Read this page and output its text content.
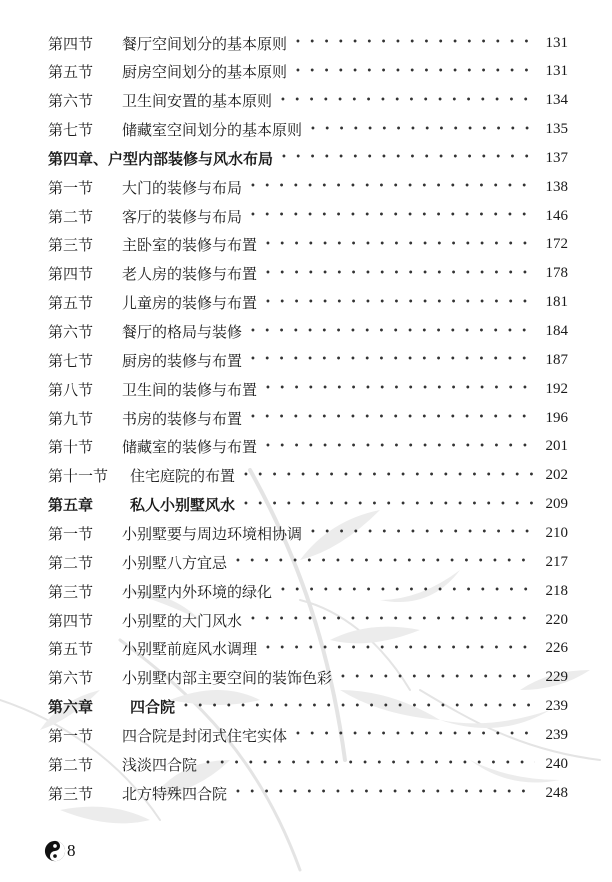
第四节	餐厅空间划分的基本原则 • • •	131
第五节	厨房空间划分的基本原则 • • •	131
第六节	卫生间安置的基本原则 • • •	134
第七节	储藏室空间划分的基本原则 • • •	135
第四章、 户型内部装修与风水布局 • • •	137
第一节	大门的装修与布局 • • •	138
第二节	客厅的装修与布局 • • •	146
第三节	主卧室的装修与布置 • • •	172
第四节	老人房的装修与布置 • • •	178
第五节	儿童房的装修与布置 • • •	181
第六节	餐厅的格局与装修 • • •	184
第七节	厨房的装修与布置 • • •	187
第八节	卫生间的装修与布置 • • •	192
第九节	书房的装修与布置 • • •	196
第十节	储藏室的装修与布置 • • •	201
第十一节	住宅庭院的布置 • • •	202
第五章	私人小别墅风水 • • •	209
第一节	小别墅要与周边环境相协调 • • •	210
第二节	小别墅八方宜忌 • • •	217
第三节	小别墅内外环境的绿化 • • •	218
第四节	小别墅的大门风水 • • •	220
第五节	小别墅前庭风水调理 • • •	226
第六节	小别墅内部主要空间的装饰色彩 • • •	229
第六章	四合院 • • •	239
第一节	四合院是封闭式住宅实体 • • •	239
第二节	浅淡四合院 • • •	240
第三节	北方特殊四合院 • • •	248
8
